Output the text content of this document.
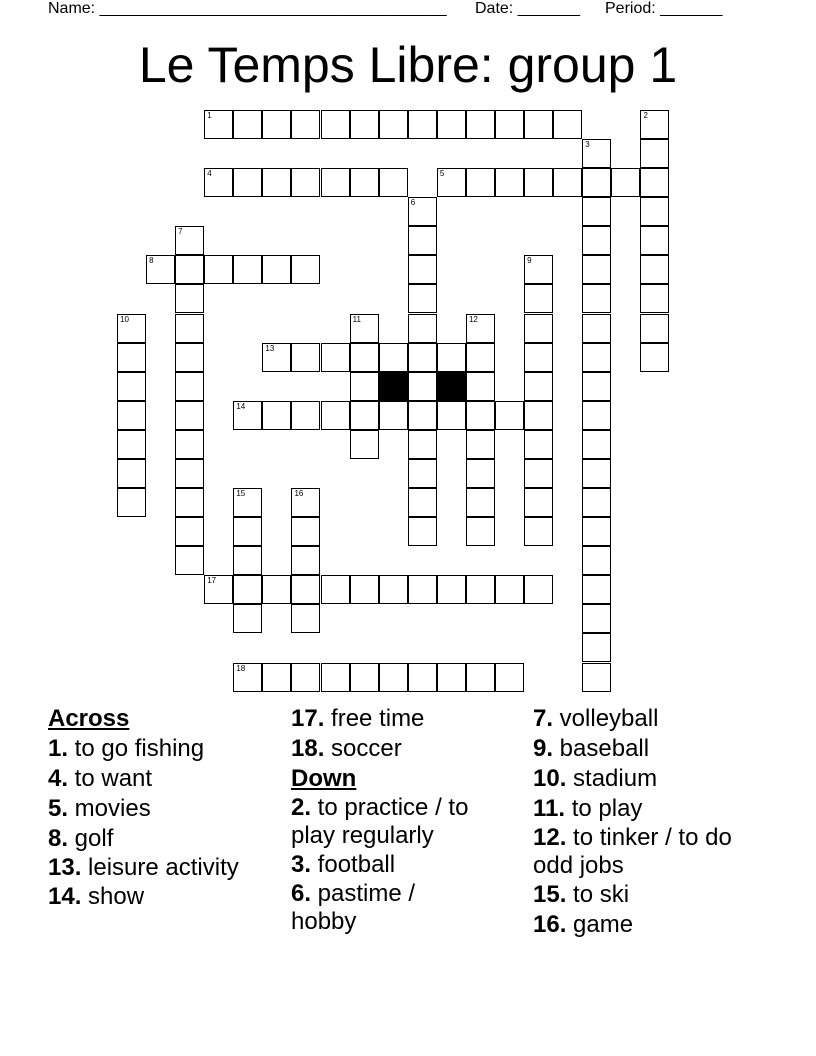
Name: _______________________________________ Date: _______ Period: _______
Le Temps Libre: group 1
1	2
3
4	5
6
7
8	9
10	11	12
13
14
15	16
17
18
Across
1. to go fishing
4. to want
5. movies
8. golf
13. leisure activity
14. show
17. free time
18. soccer
Down
2. to practice / to play regularly
3. football
6. pastime / hobby
7. volleyball
9. baseball
10. stadium
11. to play
12. to tinker / to do odd jobs
15. to ski
16. game
